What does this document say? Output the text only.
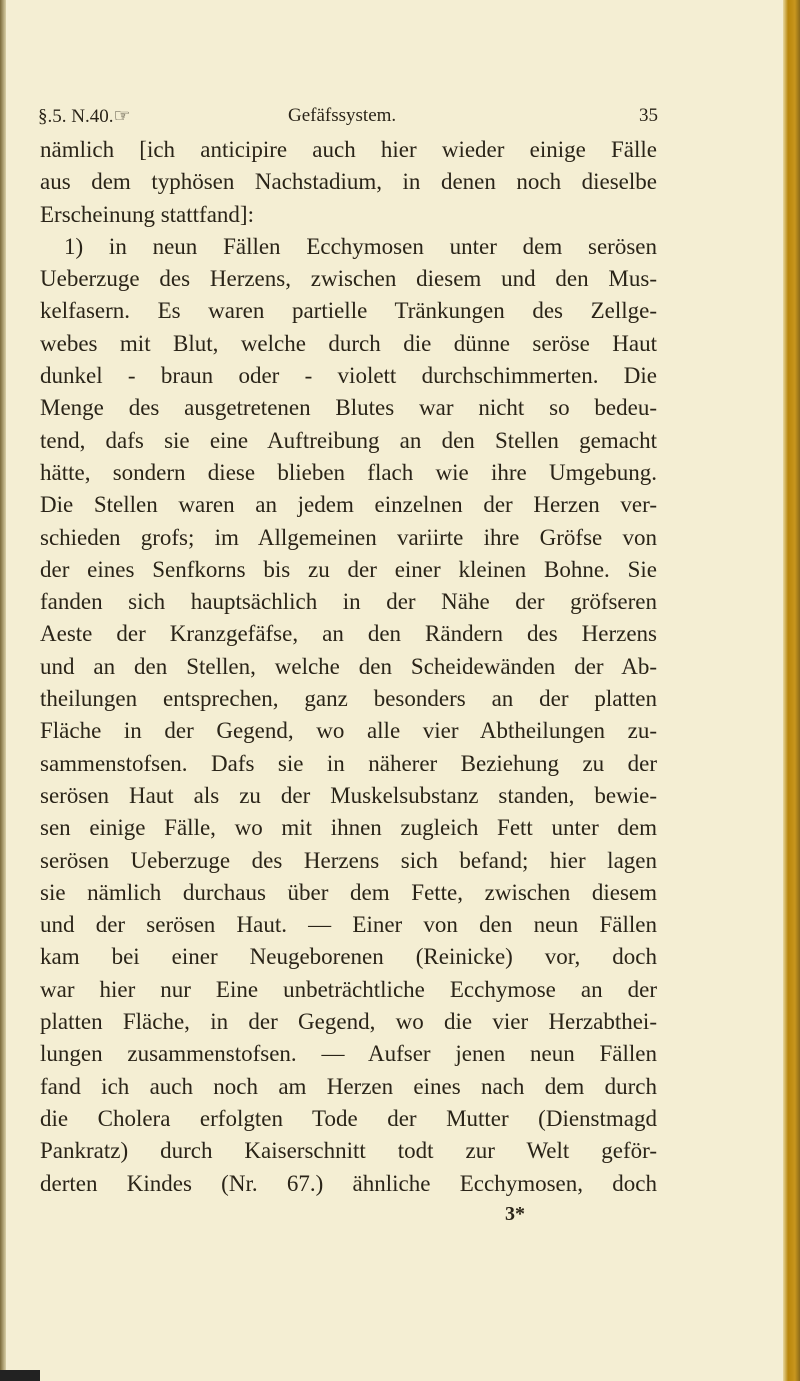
§.5. N.40.☞	Gefäfssystem.	35
nämlich [ich anticipire auch hier wieder einige Fälle
aus dem typhösen Nachstadium, in denen noch dieselbe
Erscheinung stattfand]:
1) in neun Fällen Ecchymosen unter dem serösen
Ueberzuge des Herzens, zwischen diesem und den Mus-
kelfasern. Es waren partielle Tränkungen des Zellge-
webes mit Blut, welche durch die dünne seröse Haut
dunkel - braun oder - violett durchschimmerten. Die
Menge des ausgetretenen Blutes war nicht so bedeu-
tend, dafs sie eine Auftreibung an den Stellen gemacht
hätte, sondern diese blieben flach wie ihre Umgebung.
Die Stellen waren an jedem einzelnen der Herzen ver-
schieden grofs; im Allgemeinen variirte ihre Gröfse von
der eines Senfkorns bis zu der einer kleinen Bohne. Sie
fanden sich hauptsächlich in der Nähe der gröfseren
Aeste der Kranzgefäfse, an den Rändern des Herzens
und an den Stellen, welche den Scheidewänden der Ab-
theilungen entsprechen, ganz besonders an der platten
Fläche in der Gegend, wo alle vier Abtheilungen zu-
sammenstofsen. Dafs sie in näherer Beziehung zu der
serösen Haut als zu der Muskelsubstanz standen, bewie-
sen einige Fälle, wo mit ihnen zugleich Fett unter dem
serösen Ueberzuge des Herzens sich befand; hier lagen
sie nämlich durchaus über dem Fette, zwischen diesem
und der serösen Haut. — Einer von den neun Fällen
kam bei einer Neugeborenen (Reinicke) vor, doch
war hier nur Eine unbeträchtliche Ecchymose an der
platten Fläche, in der Gegend, wo die vier Herzabthei-
lungen zusammenstofsen. — Aufser jenen neun Fällen
fand ich auch noch am Herzen eines nach dem durch
die Cholera erfolgten Tode der Mutter (Dienstmagd
Pankratz) durch Kaiserschnitt todt zur Welt geför-
derten Kindes (Nr. 67.) ähnliche Ecchymosen, doch
3*
